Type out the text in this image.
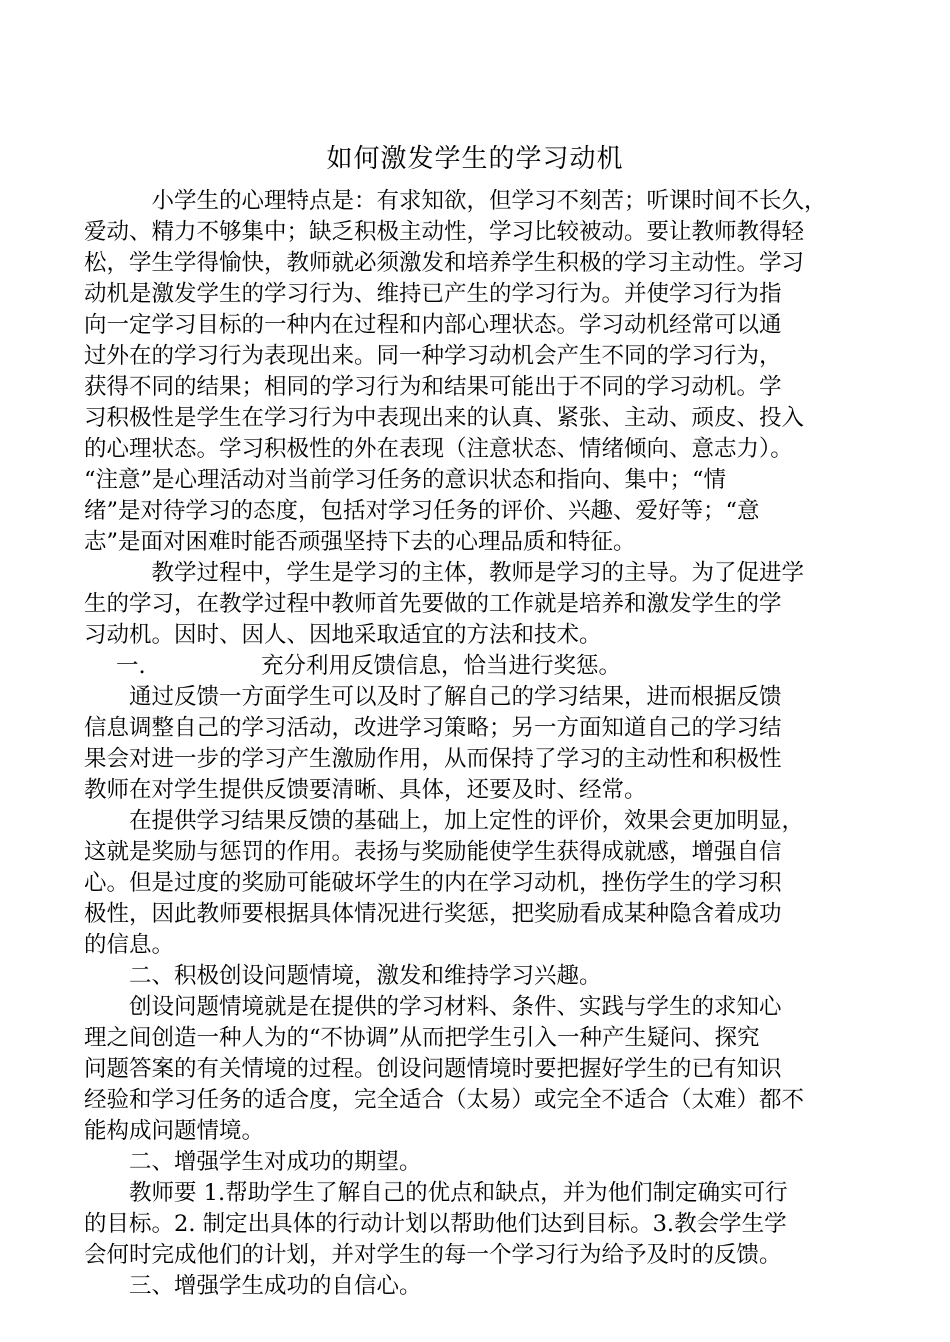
如何激发学生的学习动机

　　　小学生的心理特点是：有求知欲，但学习不刻苦；听课时间不长久，

爱动、精力不够集中；缺乏积极主动性，学习比较被动。要让教师教得轻

松，学生学得愉快，教师就必须激发和培养学生积极的学习主动性。学习

动机是激发学生的学习行为、维持已产生的学习行为。并使学习行为指

向一定学习目标的一种内在过程和内部心理状态。学习动机经常可以通

过外在的学习行为表现出来。同一种学习动机会产生不同的学习行为，

获得不同的结果；相同的学习行为和结果可能出于不同的学习动机。学

习积极性是学生在学习行为中表现出来的认真、紧张、主动、顽皮、投入

的心理状态。学习积极性的外在表现（注意状态、情绪倾向、意志力）。

“注意”是心理活动对当前学习任务的意识状态和指向、集中；“情

绪”是对待学习的态度，包括对学习任务的评价、兴趣、爱好等；“意

志”是面对困难时能否顽强坚持下去的心理品质和特征。

　　　教学过程中，学生是学习的主体，教师是学习的主导。为了促进学

生的学习，在教学过程中教师首先要做的工作就是培养和激发学生的学

习动机。因时、因人、因地采取适宜的方法和技术。

一.	充分利用反馈信息，恰当进行奖惩。

　　通过反馈一方面学生可以及时了解自己的学习结果，进而根据反馈

信息调整自己的学习活动，改进学习策略；另一方面知道自己的学习结

果会对进一步的学习产生激励作用，从而保持了学习的主动性和积极性

教师在对学生提供反馈要清晰、具体，还要及时、经常。

　　在提供学习结果反馈的基础上，加上定性的评价，效果会更加明显，

这就是奖励与惩罚的作用。表扬与奖励能使学生获得成就感，增强自信

心。但是过度的奖励可能破坏学生的内在学习动机，挫伤学生的学习积

极性，因此教师要根据具体情况进行奖惩，把奖励看成某种隐含着成功

的信息。

　　二、积极创设问题情境，激发和维持学习兴趣。

　　创设问题情境就是在提供的学习材料、条件、实践与学生的求知心

理之间创造一种人为的“不协调”从而把学生引入一种产生疑问、探究

问题答案的有关情境的过程。创设问题情境时要把握好学生的已有知识

经验和学习任务的适合度，完全适合（太易）或完全不适合（太难）都不

能构成问题情境。

　　二、增强学生对成功的期望。

　　教师要 1.帮助学生了解自己的优点和缺点，并为他们制定确实可行

的目标。2. 制定出具体的行动计划以帮助他们达到目标。3.教会学生学

会何时完成他们的计划，并对学生的每一个学习行为给予及时的反馈。

　　三、增强学生成功的自信心。
